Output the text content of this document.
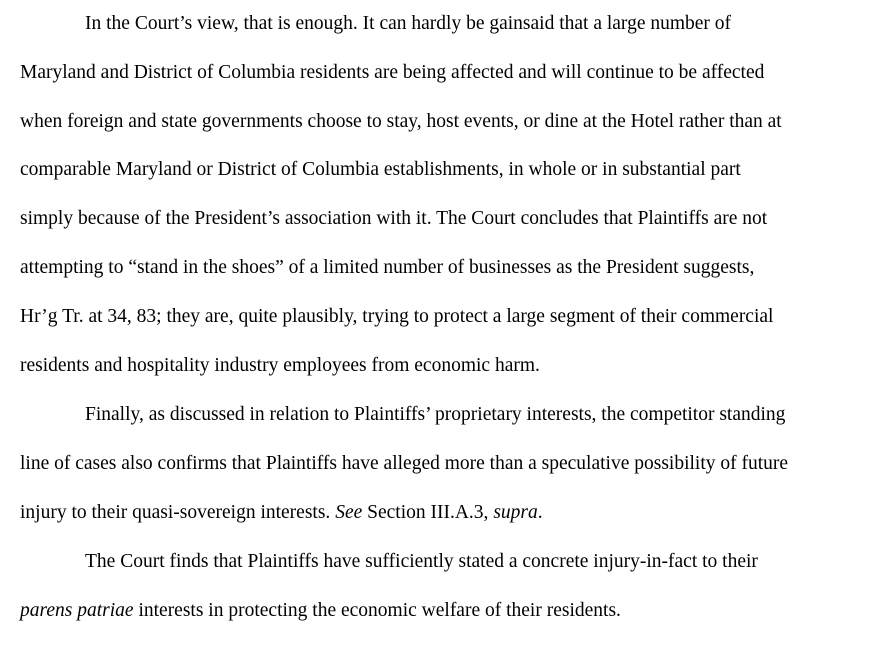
In the Court’s view, that is enough. It can hardly be gainsaid that a large number of
Maryland and District of Columbia residents are being affected and will continue to be affected
when foreign and state governments choose to stay, host events, or dine at the Hotel rather than at
comparable Maryland or District of Columbia establishments, in whole or in substantial part
simply because of the President’s association with it. The Court concludes that Plaintiffs are not
attempting to “stand in the shoes” of a limited number of businesses as the President suggests,
Hr’g Tr. at 34, 83; they are, quite plausibly, trying to protect a large segment of their commercial
residents and hospitality industry employees from economic harm.
Finally, as discussed in relation to Plaintiffs’ proprietary interests, the competitor standing
line of cases also confirms that Plaintiffs have alleged more than a speculative possibility of future
injury to their quasi-sovereign interests. See Section III.A.3, supra.
The Court finds that Plaintiffs have sufficiently stated a concrete injury-in-fact to their
parens patriae interests in protecting the economic welfare of their residents.
